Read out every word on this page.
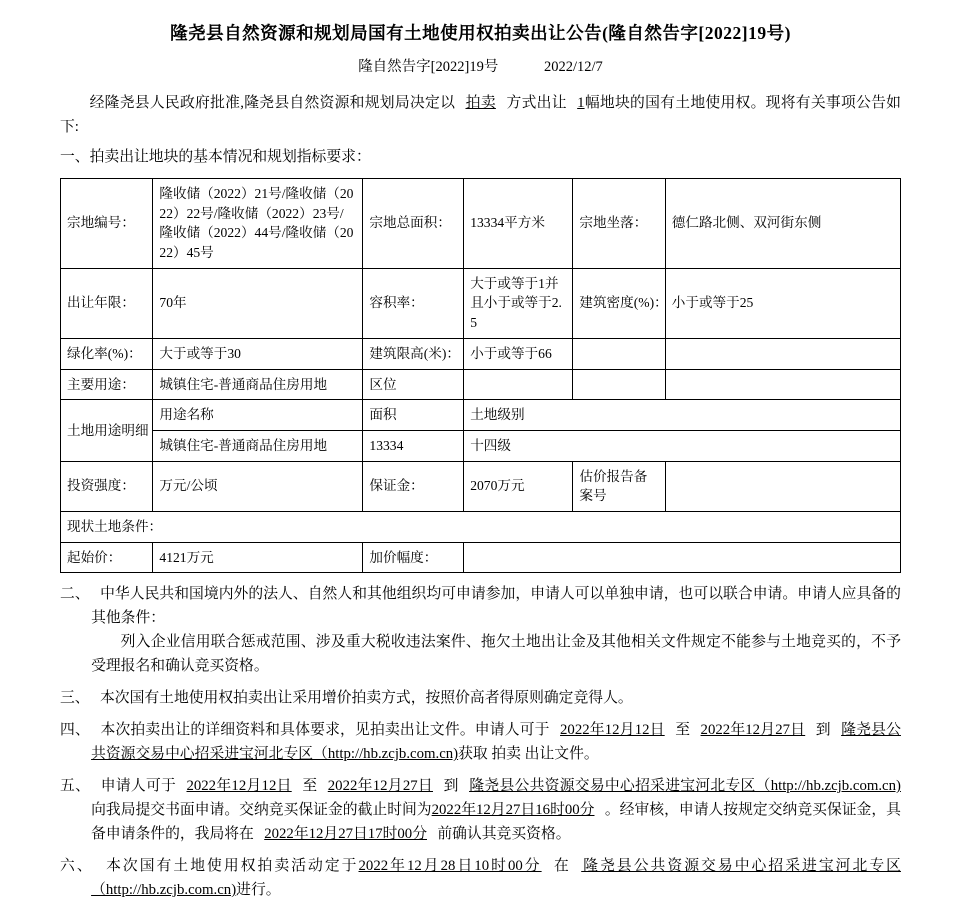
隆尧县自然资源和规划局国有土地使用权拍卖出让公告(隆自然告字[2022]19号)
隆自然告字[2022]19号	2022/12/7

经隆尧县人民政府批准,隆尧县自然资源和规划局决定以 拍卖 方式出让 1幅地块的国有土地使用权。现将有关事项公告如下:

一、拍卖出让地块的基本情况和规划指标要求：

宗地编号：	隆收储（2022）21号/隆收储（2022）22号/隆收储（2022）23号/隆收储（2022）44号/隆收储（2022）45号	宗地总面积：	13334平方米	宗地坐落：	德仁路北侧、双河街东侧
出让年限：	70年	容积率：	大于或等于1并且小于或等于2.5	建筑密度(%)：	小于或等于25
绿化率(%)：	大于或等于30	建筑限高(米)：	小于或等于66		
主要用途：	城镇住宅-普通商品住房用地	区位			
土地用途明细	用途名称	面积	土地级别		
	城镇住宅-普通商品住房用地	13334	十四级		
投资强度：	万元/公顷	保证金：	2070万元	估价报告备案号	
现状土地条件：					
起始价：	4121万元	加价幅度：			

二、 中华人民共和国境内外的法人、自然人和其他组织均可申请参加，申请人可以单独申请，也可以联合申请。申请人应具备的其他条件：

列入企业信用联合惩戒范围、涉及重大税收违法案件、拖欠土地出让金及其他相关文件规定不能参与土地竞买的，不予受理报名和确认竞买资格。

三、 本次国有土地使用权拍卖出让采用增价拍卖方式，按照价高者得原则确定竞得人。

四、 本次拍卖出让的详细资料和具体要求，见拍卖出让文件。申请人可于 2022年12月12日 至 2022年12月27日 到 隆尧县公共资源交易中心招采进宝河北专区（http://hb.zcjb.com.cn)获取 拍卖 出让文件。

五、 申请人可于 2022年12月12日 至 2022年12月27日 到 隆尧县公共资源交易中心招采进宝河北专区（http://hb.zcjb.com.cn)向我局提交书面申请。交纳竞买保证金的截止时间为2022年12月27日16时00分 。经审核，申请人按规定交纳竞买保证金，具备申请条件的，我局将在 2022年12月27日17时00分 前确认其竞买资格。

六、 本次国有土地使用权拍卖活动定于2022年12月28日10时00分 在 隆尧县公共资源交易中心招采进宝河北专区（http://hb.zcjb.com.cn)进行。
